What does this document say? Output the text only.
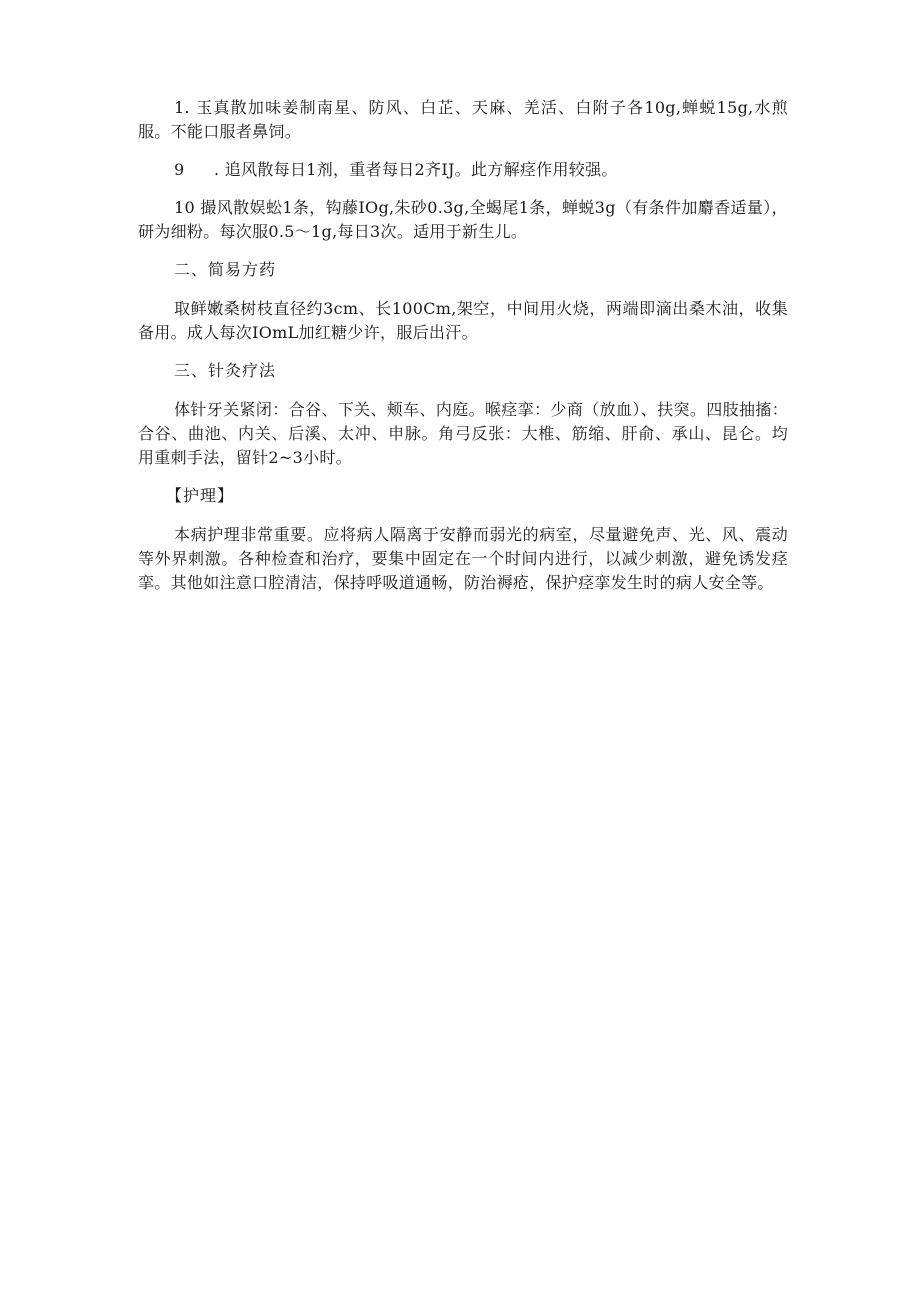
1. 玉真散加味姜制南星、防风、白芷、天麻、羌活、白附子各10g,蝉蜕15g,水煎服。不能口服者鼻饲。

9 . 追风散每日1剂，重者每日2齐IJ。此方解痉作用较强。

10 撮风散娱蚣1条，钩藤IOg,朱砂0.3g,全蝎尾1条，蝉蜕3g（有条件加麝香适量），研为细粉。每次服0.5～1g,每日3次。适用于新生儿。

二、简易方药

取鲜嫩桑树枝直径约3cm、长100Cm,架空，中间用火烧，两端即滴出桑木油，收集备用。成人每次IOmL加红糖少许，服后出汗。

三、针灸疗法

体针牙关紧闭：合谷、下关、颊车、内庭。喉痉挛：少商（放血）、扶突。四肢抽搐：合谷、曲池、内关、后溪、太冲、申脉。角弓反张：大椎、筋缩、肝俞、承山、昆仑。均用重刺手法，留针2~3小时。

【护理】

本病护理非常重要。应将病人隔离于安静而弱光的病室，尽量避免声、光、风、震动等外界刺激。各种检查和治疗，要集中固定在一个时间内进行，以减少刺激，避免诱发痉挛。其他如注意口腔清洁，保持呼吸道通畅，防治褥疮，保护痉挛发生时的病人安全等。
